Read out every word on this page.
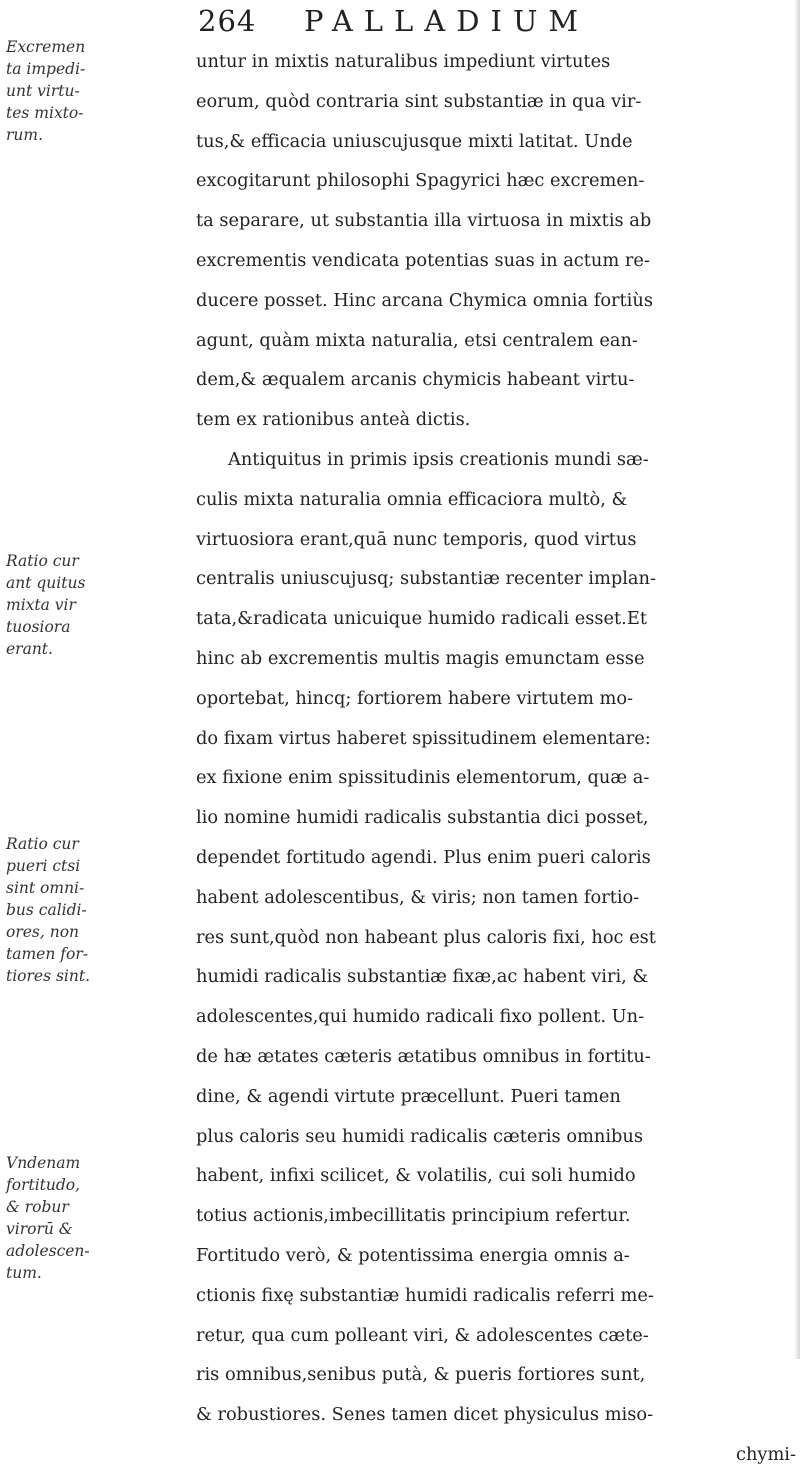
264 PALLADIUM
Excremen
ta impedi-
unt virtu-
tes mixto-
rum.
Ratio cur
ant quitus
mixta vir
tuosiora
erant.
Ratio cur
pueri ctsi
sint omni-
bus calidi-
ores, non
tamen for-
tiores sint.
Vndenam
fortitudo,
& robur
virorū &
adolescen-
tum.
untur in mixtis naturalibus impediunt virtutes
eorum, quòd contraria sint substantiæ in qua vir-
tus,& efficacia uniuscujusque mixti latitat. Unde
excogitarunt philosophi Spagyrici hæc excremen-
ta separare, ut substantia illa virtuosa in mixtis ab
excrementis vendicata potentias suas in actum re-
ducere posset. Hinc arcana Chymica omnia fortiùs
agunt, quàm mixta naturalia, etsi centralem ean-
dem,& æqualem arcanis chymicis habeant virtu-
tem ex rationibus anteà dictis.
Antiquitus in primis ipsis creationis mundi sæ-
culis mixta naturalia omnia efficaciora multò, &
virtuosiora erant,quā nunc temporis, quod virtus
centralis uniuscujusq; substantiæ recenter implan-
tata,&radicata unicuique humido radicali esset.Et
hinc ab excrementis multis magis emunctam esse
oportebat, hincq; fortiorem habere virtutem mo-
do fixam virtus haberet spissitudinem elementare:
ex fixione enim spissitudinis elementorum, quæ a-
lio nomine humidi radicalis substantia dici posset,
dependet fortitudo agendi. Plus enim pueri caloris
habent adolescentibus, & viris; non tamen fortio-
res sunt,quòd non habeant plus caloris fixi, hoc est
humidi radicalis substantiæ fixæ,ac habent viri, &
adolescentes,qui humido radicali fixo pollent. Un-
de hæ ætates cæteris ætatibus omnibus in fortitu-
dine, & agendi virtute præcellunt. Pueri tamen
plus caloris seu humidi radicalis cæteris omnibus
habent, infixi scilicet, & volatilis, cui soli humido
totius actionis,imbecillitatis principium refertur.
Fortitudo verò, & potentissima energia omnis a-
ctionis fixę substantiæ humidi radicalis referri me-
retur, qua cum polleant viri, & adolescentes cæte-
ris omnibus,senibus putà, & pueris fortiores sunt,
& robustiores. Senes tamen dicet physiculus miso-
chymi-
